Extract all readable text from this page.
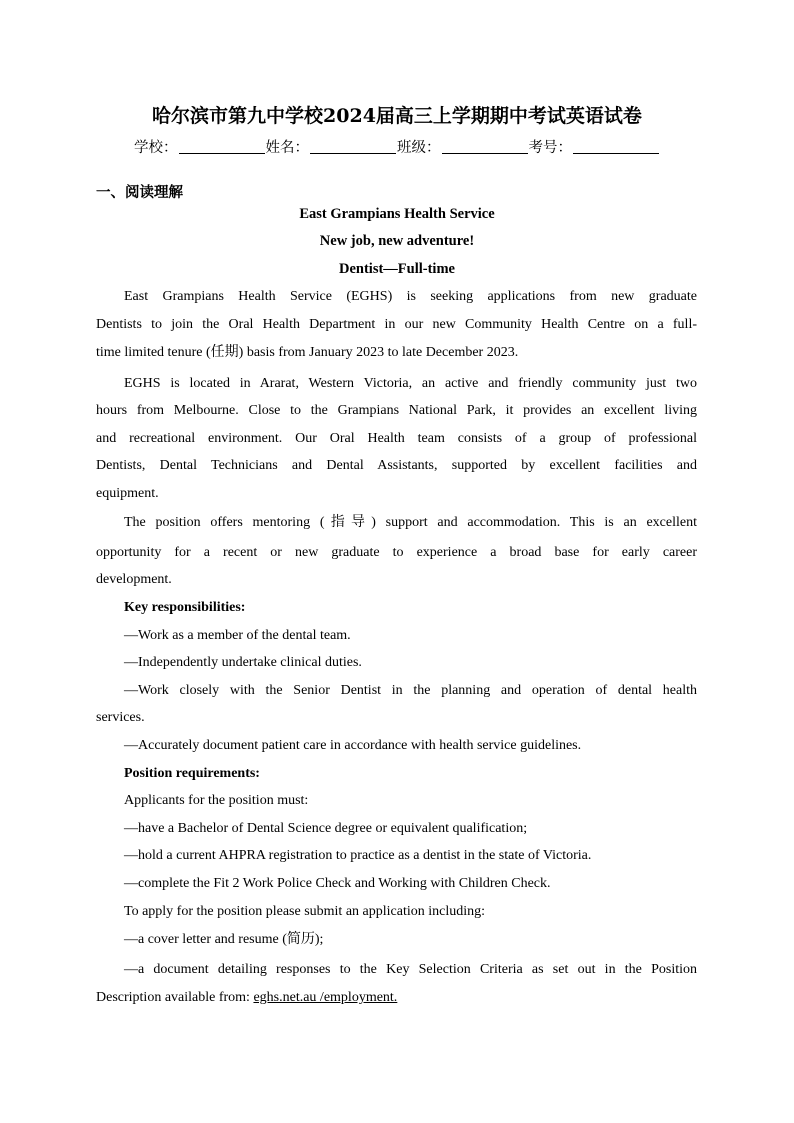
哈尔滨市第九中学校2024届高三上学期期中考试英语试卷
学校：	姓名：	班级：	考号：
一、阅读理解
East Grampians Health Service
New job, new adventure!
Dentist—Full-time
East Grampians Health Service (EGHS) is seeking applications from new graduate
Dentists to join the Oral Health Department in our new Community Health Centre on a full-
time limited tenure (任期) basis from January 2023 to late December 2023.
EGHS is located in Ararat, Western Victoria, an active and friendly community just two
hours from Melbourne. Close to the Grampians National Park, it provides an excellent living
and recreational environment. Our Oral Health team consists of a group of professional
Dentists, Dental Technicians and Dental Assistants, supported by excellent facilities and
equipment.
The position offers mentoring (指导) support and accommodation. This is an excellent
opportunity for a recent or new graduate to experience a broad base for early career
development.
Key responsibilities:
—Work as a member of the dental team.
—Independently undertake clinical duties.
—Work closely with the Senior Dentist in the planning and operation of dental health
services.
—Accurately document patient care in accordance with health service guidelines.
Position requirements:
Applicants for the position must:
—have a Bachelor of Dental Science degree or equivalent qualification;
—hold a current AHPRA registration to practice as a dentist in the state of Victoria.
—complete the Fit 2 Work Police Check and Working with Children Check.
To apply for the position please submit an application including:
—a cover letter and resume (简历);
—a document detailing responses to the Key Selection Criteria as set out in the Position
Description available from: eghs.net.au /employment.
